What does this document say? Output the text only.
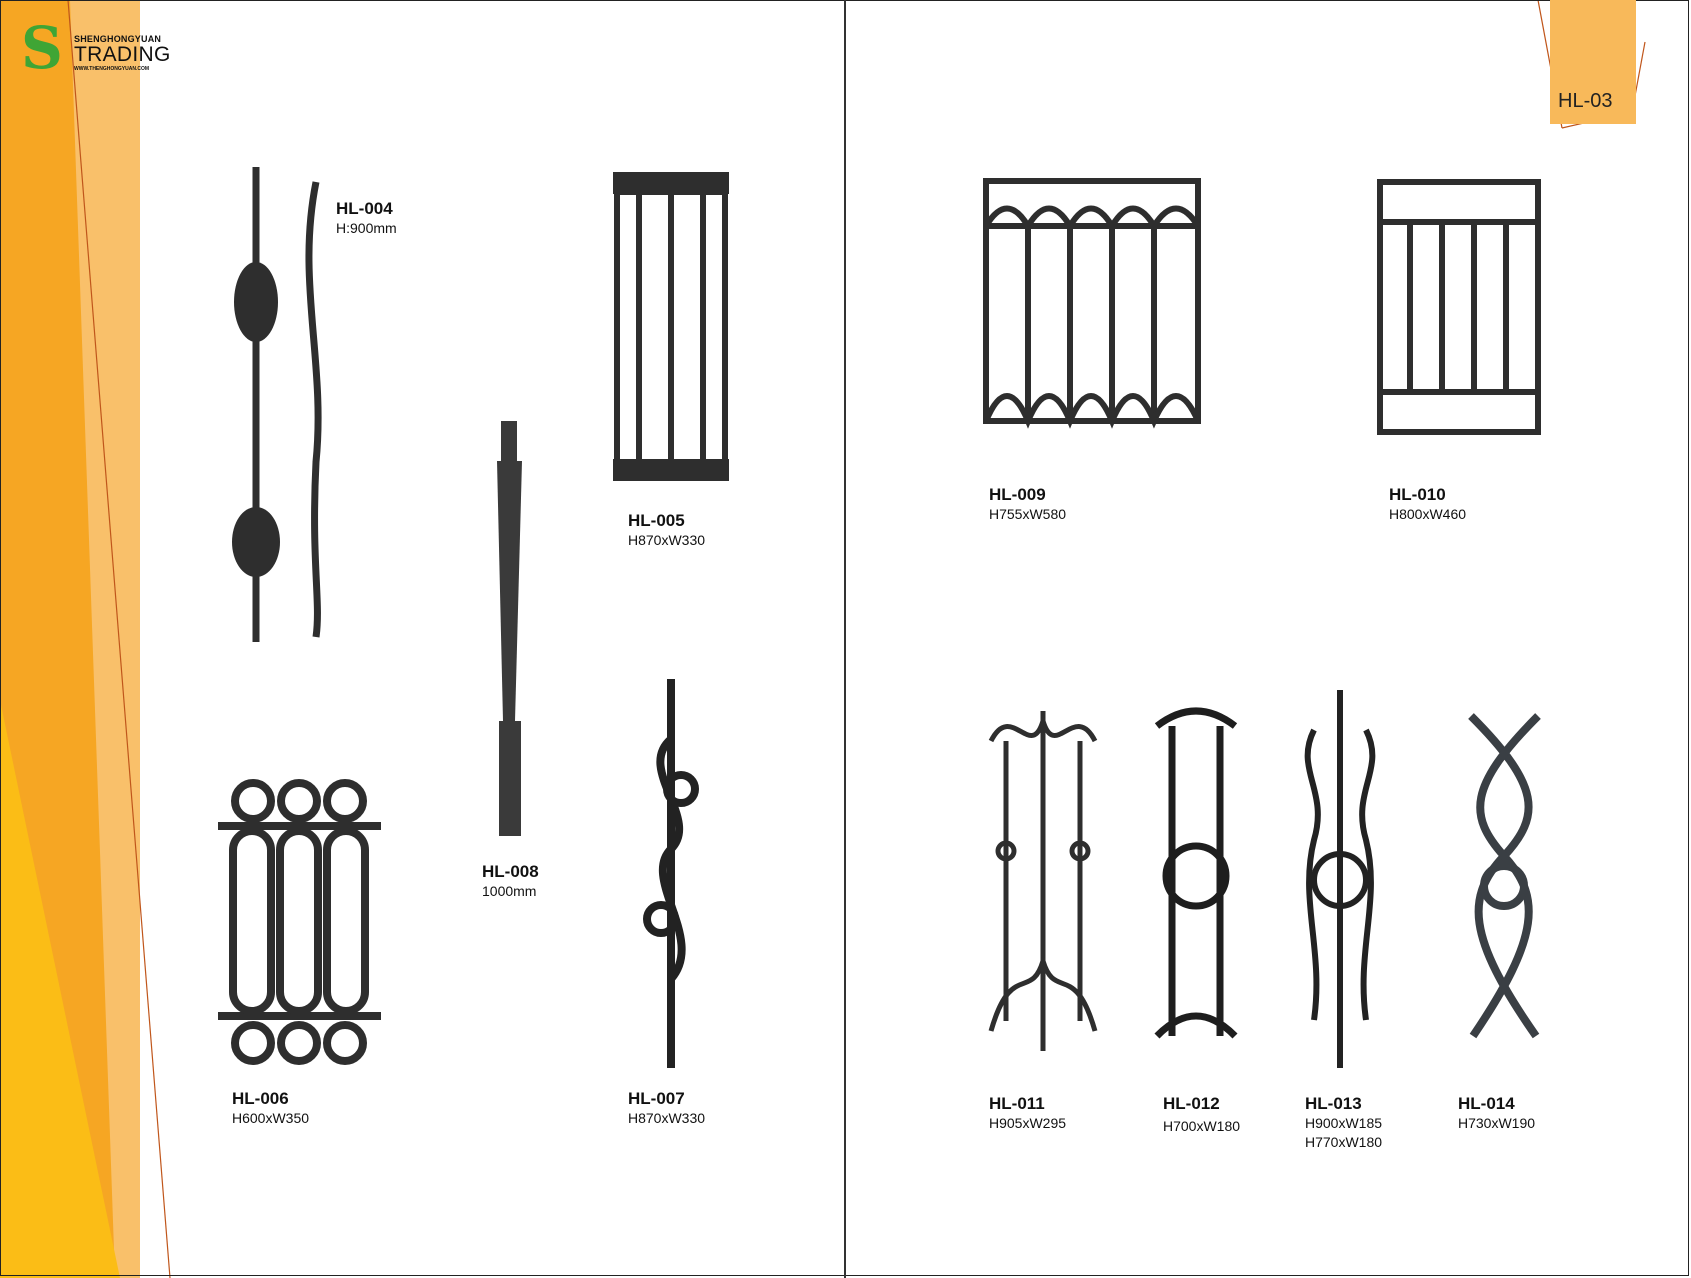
S	SHENGHONGYUAN
TRADING
WWW.THENGHONGYUAN.COM
HL-03
HL-004
H:900mm
HL-005
H870xW330
HL-008
1000mm
HL-006
H600xW350
HL-007
H870xW330
HL-009
H755xW580
HL-010
H800xW460
HL-011
H905xW295
HL-012
H700xW180
HL-013
H900xW185
H770xW180
HL-014
H730xW190
